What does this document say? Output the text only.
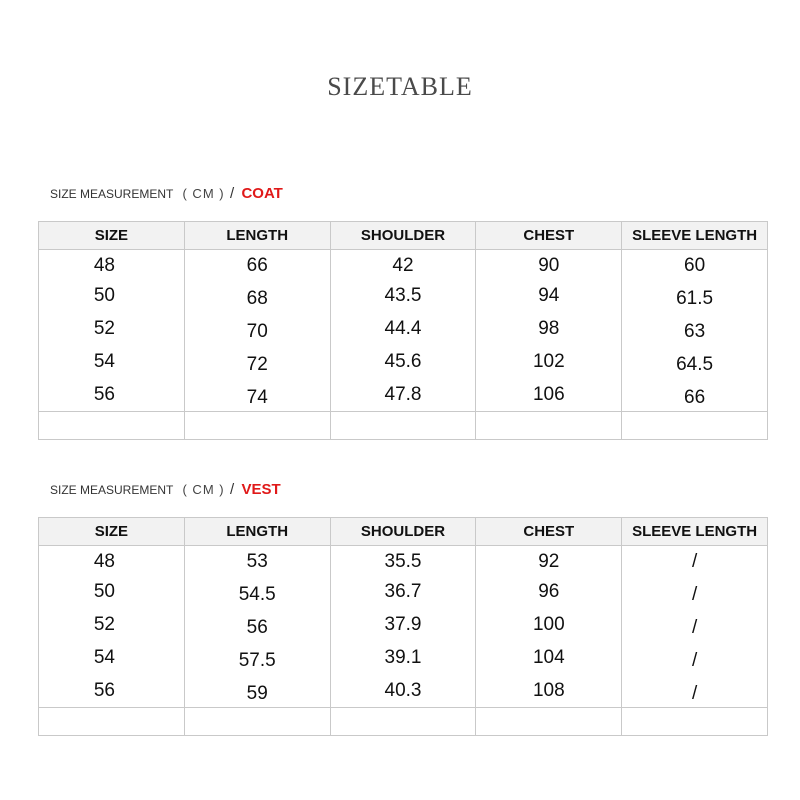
SIZETABLE
SIZE MEASUREMENT ( CM ) / COAT
SIZE	LENGTH	SHOULDER	CHEST	SLEEVE LENGTH
48	66	42	90	60
50	68	43.5	94	61.5
52	70	44.4	98	63
54	72	45.6	102	64.5
56	74	47.8	106	66

SIZE MEASUREMENT ( CM ) / VEST
SIZE	LENGTH	SHOULDER	CHEST	SLEEVE LENGTH
48	53	35.5	92	/
50	54.5	36.7	96	/
52	56	37.9	100	/
54	57.5	39.1	104	/
56	59	40.3	108	/
